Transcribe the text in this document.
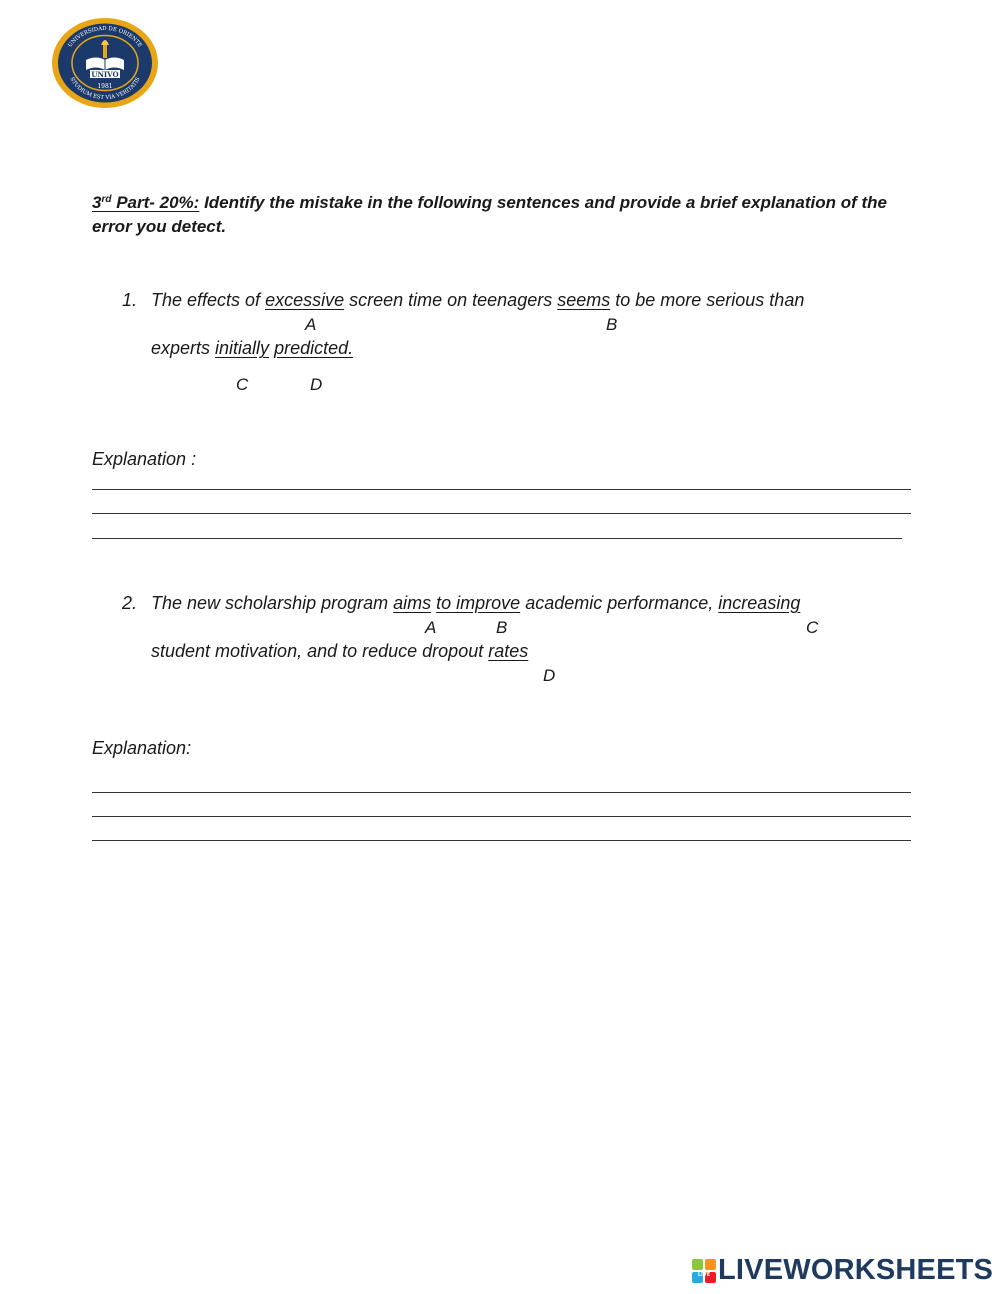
UNIVO
1981
UNIVERSIDAD DE ORIENTE
STUDIUM EST VIA VERITATIS
3rd Part- 20%: Identify the mistake in the following sentences and provide a brief explanation of the error you detect.
1. The effects of excessive screen time on teenagers seems to be more serious than
A	B
experts initially predicted.
C	D
Explanation :
2. The new scholarship program aims to improve academic performance, increasing
A	B	C
student motivation, and to reduce dropout rates
D
Explanation:
LIVE LIVEWORKSHEETS
